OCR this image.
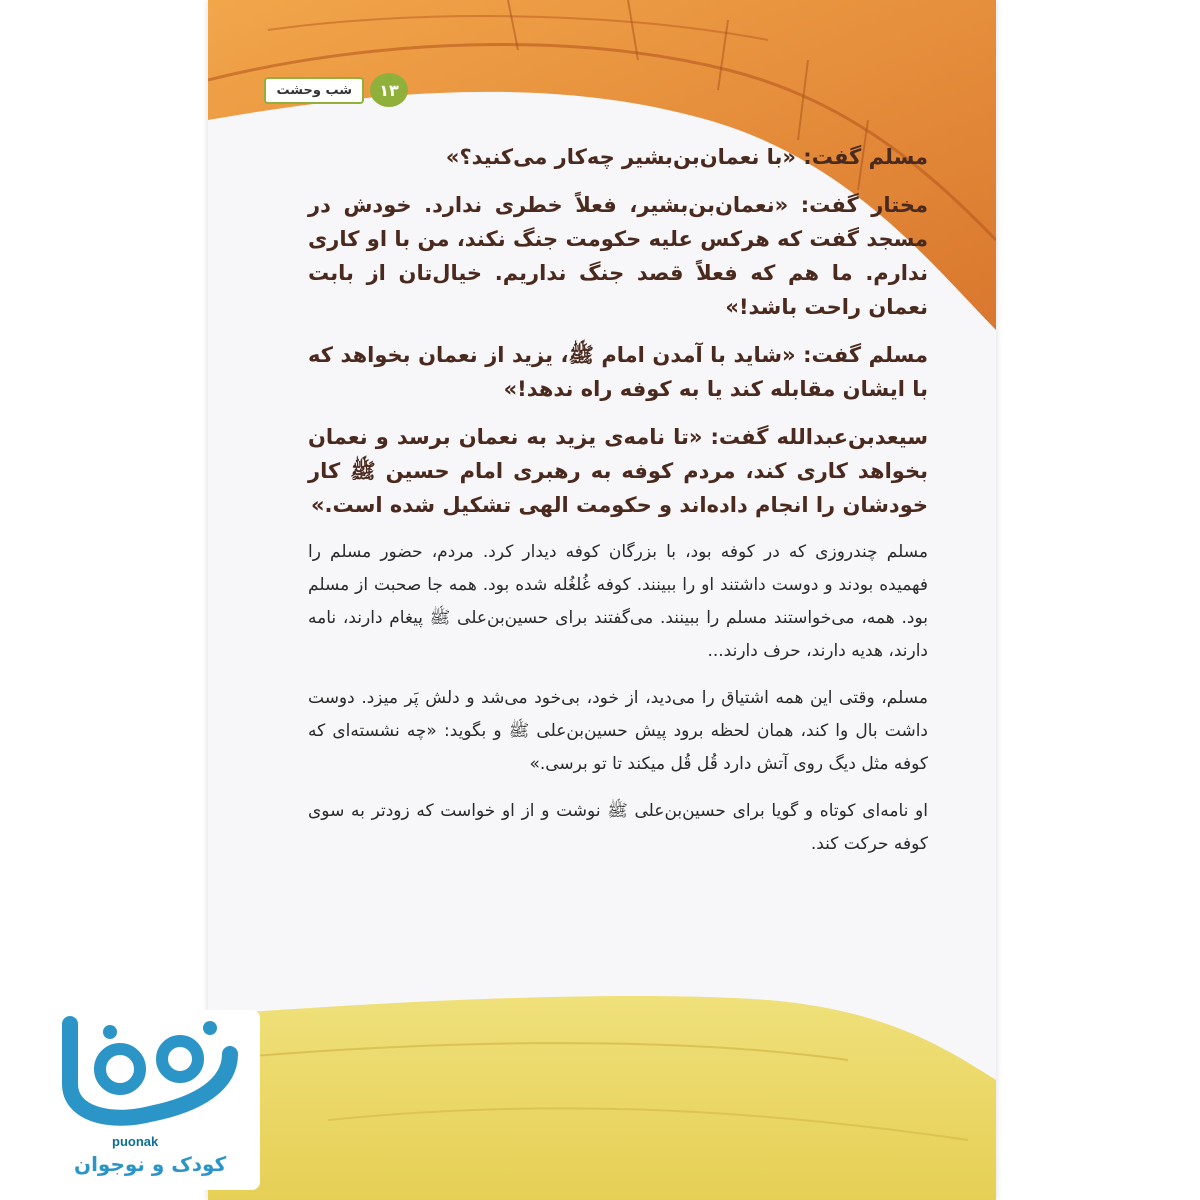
۱۳
شب وحشت

مسلم گفت: «با نعمان‌بن‌بشیر چه‌کار می‌کنید؟»

مختار گفت: «نعمان‌بن‌بشیر، فعلاً خطری ندارد. خودش در مسجد گفت که هرکس علیه حکومت جنگ نکند، من با او کاری ندارم. ما هم که فعلاً قصد جنگ نداریم. خیال‌تان از بابت نعمان راحت باشد!»

مسلم گفت: «شاید با آمدن امام ﷺ، یزید از نعمان بخواهد که با ایشان مقابله کند یا به کوفه راه ندهد!»

سیعدبن‌عبدالله گفت: «تا نامه‌ی یزید به نعمان برسد و نعمان بخواهد کاری کند، مردم کوفه به رهبری امام حسین ﷺ کار خودشان را انجام داده‌اند و حکومت الهی تشکیل شده است.»

مسلم چندروزی که در کوفه بود، با بزرگان کوفه دیدار کرد. مردم، حضور مسلم را فهمیده بودند و دوست داشتند او را ببینند. کوفه غُلغُله شده بود. همه جا صحبت از مسلم بود. همه، می‌خواستند مسلم را ببینند. می‌گفتند برای حسین‌بن‌علی ﷺ پیغام دارند، نامه دارند، هدیه دارند، حرف دارند...

مسلم، وقتی این همه اشتیاق را می‌دید، از خود، بی‌خود می‌شد و دلش پَر میزد. دوست داشت بال وا کند، همان لحظه برود پیش حسین‌بن‌علی ﷺ و بگوید: «چه نشسته‌ای که کوفه مثل دیگ روی آتش دارد قُل قُل میکند تا تو برسی.»

او نامه‌ای کوتاه و گویا برای حسین‌بن‌علی ﷺ نوشت و از او خواست که زودتر به سوی کوفه حرکت کند.

puonak
کودک و نوجوان
